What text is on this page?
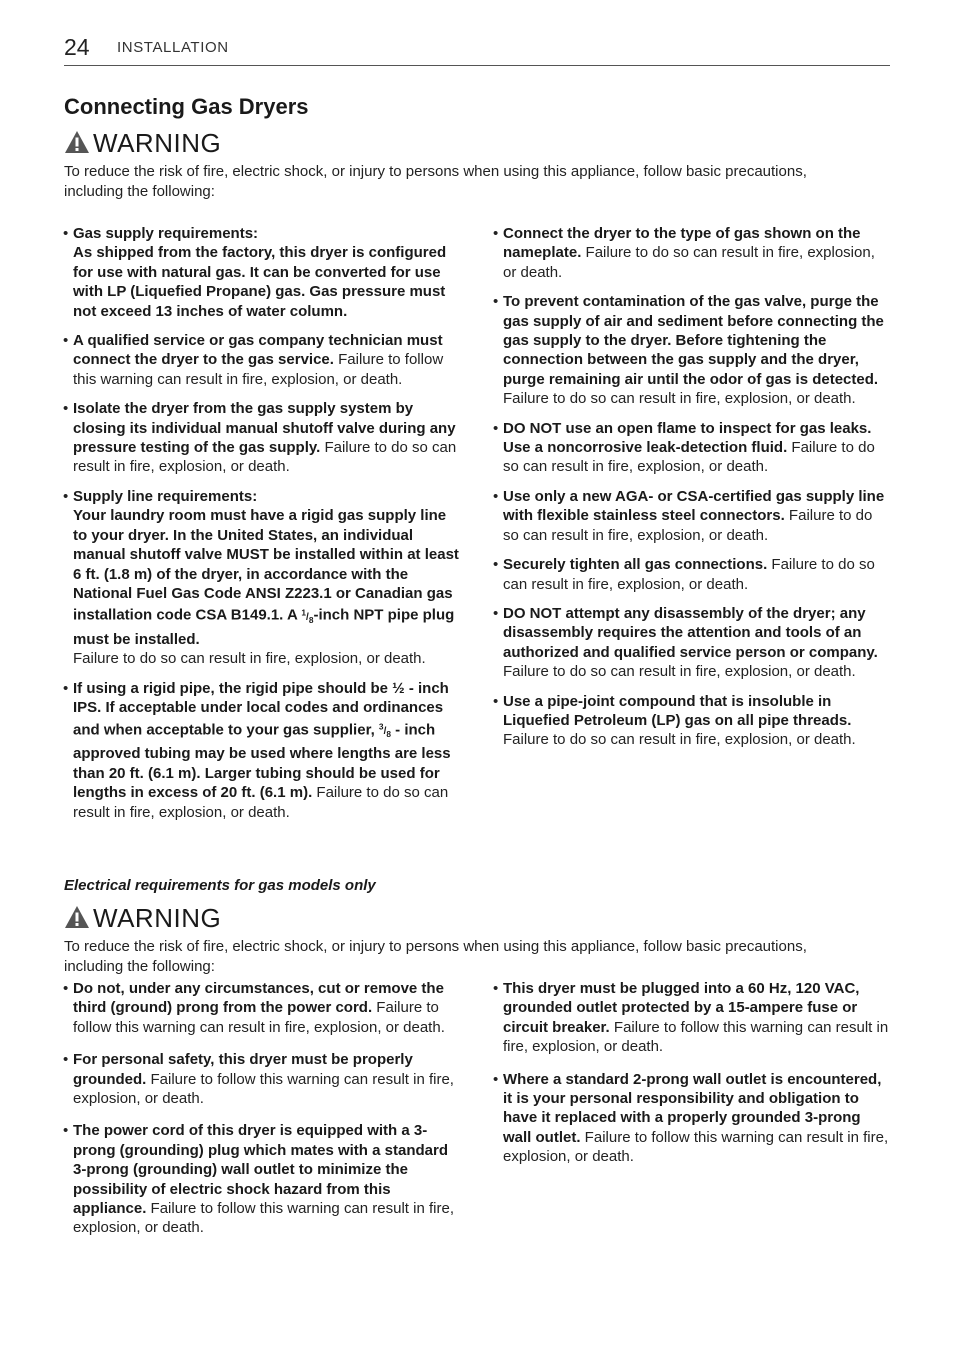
24 INSTALLATION
Connecting Gas Dryers
WARNING

To reduce the risk of fire, electric shock, or injury to persons when using this appliance, follow basic precautions, including the following:

• Gas supply requirements:
As shipped from the factory, this dryer is configured for use with natural gas. It can be converted for use with LP (Liquefied Propane) gas. Gas pressure must not exceed 13 inches of water column.
• A qualified service or gas company technician must connect the dryer to the gas service. Failure to follow this warning can result in fire, explosion, or death.
• Isolate the dryer from the gas supply system by closing its individual manual shutoff valve during any pressure testing of the gas supply. Failure to do so can result in fire, explosion, or death.
• Supply line requirements:
Your laundry room must have a rigid gas supply line to your dryer. In the United States, an individual manual shutoff valve MUST be installed within at least 6 ft. (1.8 m) of the dryer, in accordance with the National Fuel Gas Code ANSI Z223.1 or Canadian gas installation code CSA B149.1. A $^1/_8$-inch NPT pipe plug must be installed.
Failure to do so can result in fire, explosion, or death.
• If using a rigid pipe, the rigid pipe should be ½ - inch IPS. If acceptable under local codes and ordinances and when acceptable to your gas supplier, $^3/_8$ - inch approved tubing may be used where lengths are less than 20 ft. (6.1 m). Larger tubing should be used for lengths in excess of 20 ft. (6.1 m). Failure to do so can result in fire, explosion, or death.
• Connect the dryer to the type of gas shown on the nameplate. Failure to do so can result in fire, explosion, or death.
• To prevent contamination of the gas valve, purge the gas supply of air and sediment before connecting the gas supply to the dryer. Before tightening the connection between the gas supply and the dryer, purge remaining air until the odor of gas is detected. Failure to do so can result in fire, explosion, or death.
• DO NOT use an open flame to inspect for gas leaks. Use a noncorrosive leak-detection fluid. Failure to do so can result in fire, explosion, or death.
• Use only a new AGA- or CSA-certified gas supply line with flexible stainless steel connectors. Failure to do so can result in fire, explosion, or death.
• Securely tighten all gas connections. Failure to do so can result in fire, explosion, or death.
• DO NOT attempt any disassembly of the dryer; any disassembly requires the attention and tools of an authorized and qualified service person or company. Failure to do so can result in fire, explosion, or death.
• Use a pipe-joint compound that is insoluble in Liquefied Petroleum (LP) gas on all pipe threads.
Failure to do so can result in fire, explosion, or death.

Electrical requirements for gas models only

WARNING

To reduce the risk of fire, electric shock, or injury to persons when using this appliance, follow basic precautions, including the following:

• Do not, under any circumstances, cut or remove the third (ground) prong from the power cord. Failure to follow this warning can result in fire, explosion, or death.
• For personal safety, this dryer must be properly grounded. Failure to follow this warning can result in fire, explosion, or death.
• The power cord of this dryer is equipped with a 3-prong (grounding) plug which mates with a standard 3-prong (grounding) wall outlet to minimize the possibility of electric shock hazard from this appliance. Failure to follow this warning can result in fire, explosion, or death.
• This dryer must be plugged into a 60 Hz, 120 VAC, grounded outlet protected by a 15-ampere fuse or circuit breaker. Failure to follow this warning can result in fire, explosion, or death.
• Where a standard 2-prong wall outlet is encountered, it is your personal responsibility and obligation to have it replaced with a properly grounded 3-prong wall outlet. Failure to follow this warning can result in fire, explosion, or death.
